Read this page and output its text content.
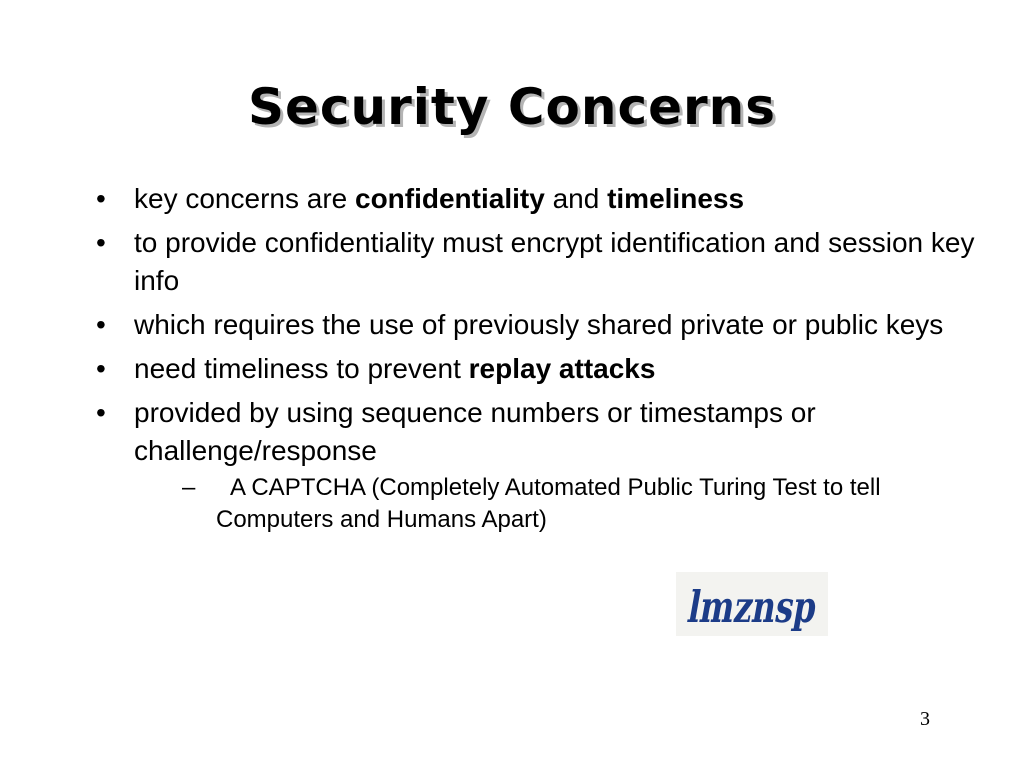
Security Concerns
• key concerns are confidentiality and timeliness
• to provide confidentiality must encrypt identification and session key info
• which requires the use of previously shared private or public keys
• need timeliness to prevent replay attacks
• provided by using sequence numbers or timestamps or challenge/response
–	A CAPTCHA (Completely Automated Public Turing Test to tell Computers and Humans Apart)
lmznsp
3
